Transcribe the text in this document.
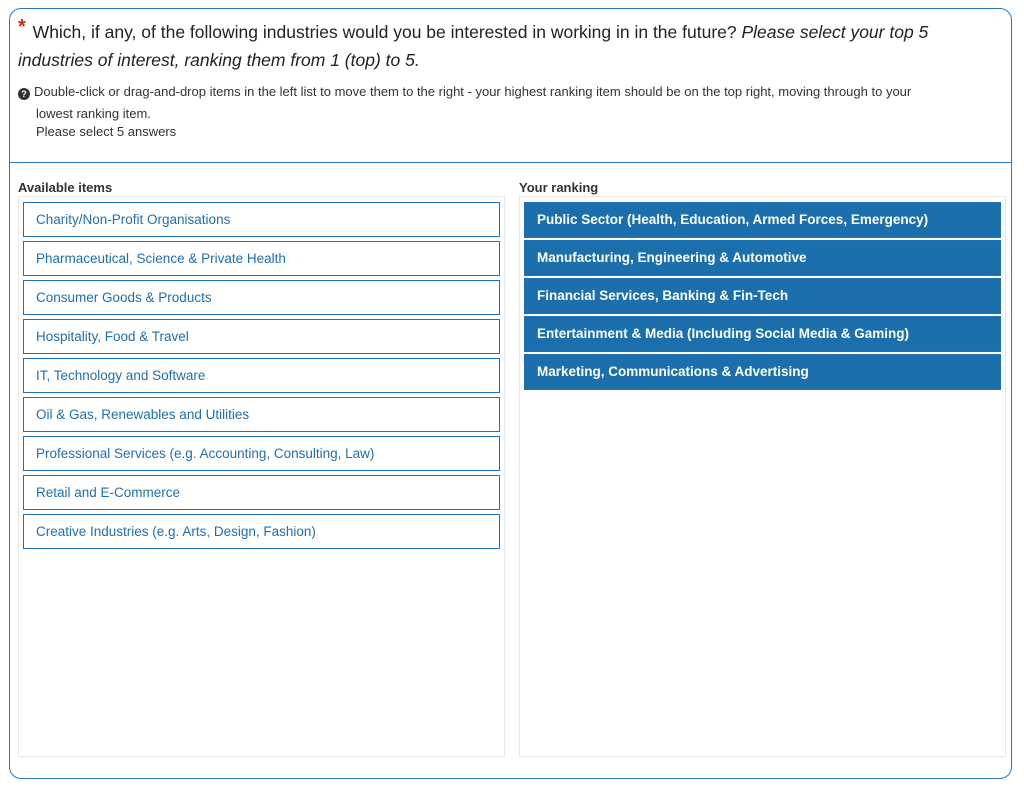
* Which, if any, of the following industries would you be interested in working in in the future? Please select your top 5 industries of interest, ranking them from 1 (top) to 5.
? Double-click or drag-and-drop items in the left list to move them to the right - your highest ranking item should be on the top right, moving through to your
lowest ranking item.
Please select 5 answers
Available items
Charity/Non-Profit Organisations
Pharmaceutical, Science & Private Health
Consumer Goods & Products
Hospitality, Food & Travel
IT, Technology and Software
Oil & Gas, Renewables and Utilities
Professional Services (e.g. Accounting, Consulting, Law)
Retail and E-Commerce
Creative Industries (e.g. Arts, Design, Fashion)
Your ranking
Public Sector (Health, Education, Armed Forces, Emergency)
Manufacturing, Engineering & Automotive
Financial Services, Banking & Fin-Tech
Entertainment & Media (Including Social Media & Gaming)
Marketing, Communications & Advertising
